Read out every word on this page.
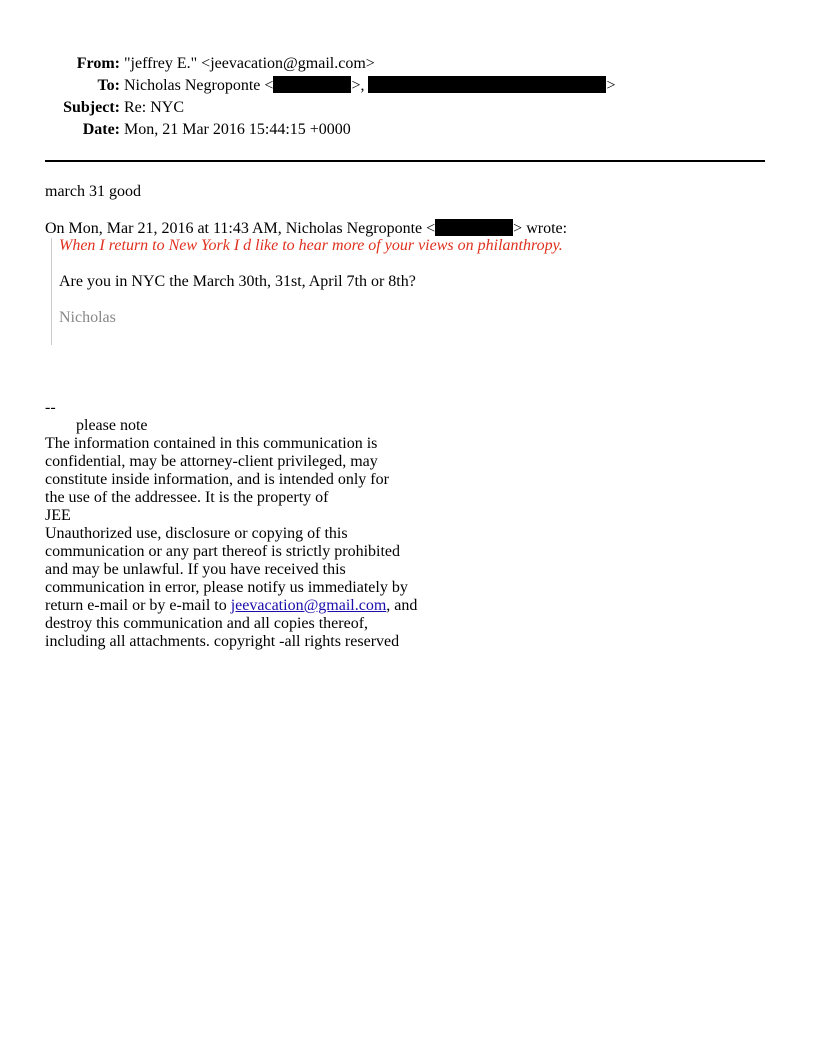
From: "jeffrey E." <jeevacation@gmail.com>
To: Nicholas Negroponte <	>,	>
Subject: Re: NYC
Date: Mon, 21 Mar 2016 15:44:15 +0000
march 31 good
On Mon, Mar 21, 2016 at 11:43 AM, Nicholas Negroponte <	> wrote:
When I return to New York I d like to hear more of your views on philanthropy.
Are you in NYC the March 30th, 31st, April 7th or 8th?
Nicholas
--
please note
The information contained in this communication is
confidential, may be attorney-client privileged, may
constitute inside information, and is intended only for
the use of the addressee. It is the property of
JEE
Unauthorized use, disclosure or copying of this
communication or any part thereof is strictly prohibited
and may be unlawful. If you have received this
communication in error, please notify us immediately by
return e-mail or by e-mail to jeevacation@gmail.com, and
destroy this communication and all copies thereof,
including all attachments. copyright -all rights reserved
